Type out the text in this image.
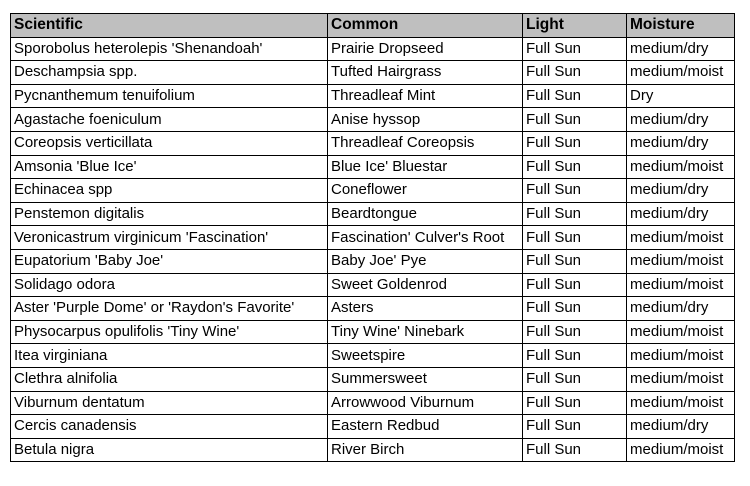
Scientific	Common	Light	Moisture
Sporobolus heterolepis 'Shenandoah'	Prairie Dropseed	Full Sun	medium/dry
Deschampsia spp.	Tufted Hairgrass	Full Sun	medium/moist
Pycnanthemum tenuifolium	Threadleaf Mint	Full Sun	Dry
Agastache foeniculum	Anise hyssop	Full Sun	medium/dry
Coreopsis verticillata	Threadleaf Coreopsis	Full Sun	medium/dry
Amsonia 'Blue Ice'	Blue Ice' Bluestar	Full Sun	medium/moist
Echinacea spp	Coneflower	Full Sun	medium/dry
Penstemon digitalis	Beardtongue	Full Sun	medium/dry
Veronicastrum virginicum 'Fascination'	Fascination' Culver's Root	Full Sun	medium/moist
Eupatorium 'Baby Joe'	Baby Joe' Pye	Full Sun	medium/moist
Solidago odora	Sweet Goldenrod	Full Sun	medium/moist
Aster 'Purple Dome' or 'Raydon's Favorite'	Asters	Full Sun	medium/dry
Physocarpus opulifolis 'Tiny Wine'	Tiny Wine' Ninebark	Full Sun	medium/moist
Itea virginiana	Sweetspire	Full Sun	medium/moist
Clethra alnifolia	Summersweet	Full Sun	medium/moist
Viburnum dentatum	Arrowwood Viburnum	Full Sun	medium/moist
Cercis canadensis	Eastern Redbud	Full Sun	medium/dry
Betula nigra	River Birch	Full Sun	medium/moist
